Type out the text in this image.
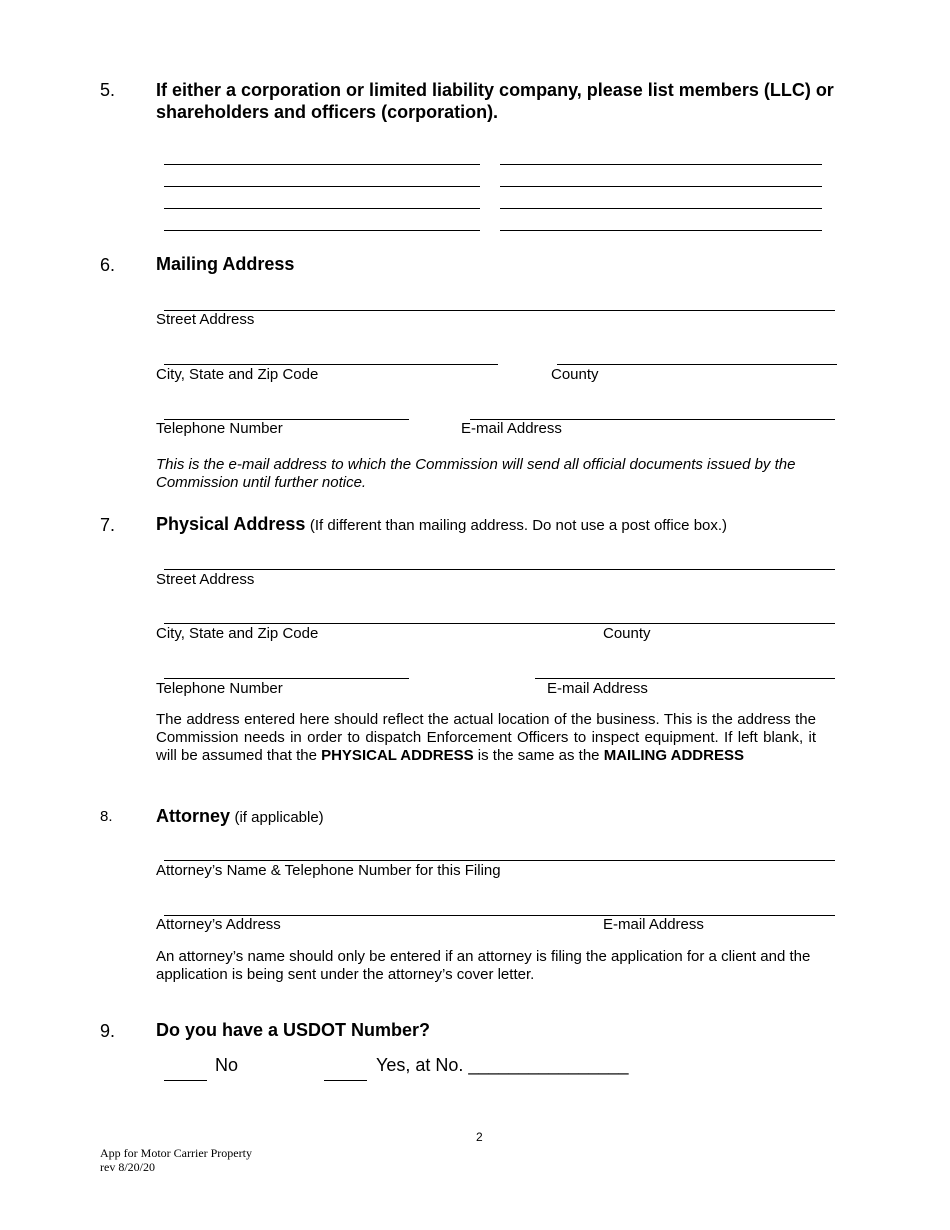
5. If either a corporation or limited liability company, please list members (LLC) or shareholders and officers (corporation).
6. Mailing Address
Street Address
City, State and Zip Code	County
Telephone Number	E-mail Address
This is the e-mail address to which the Commission will send all official documents issued by the Commission until further notice.
7. Physical Address (If different than mailing address. Do not use a post office box.)
Street Address
City, State and Zip Code	County
Telephone Number	E-mail Address
The address entered here should reflect the actual location of the business. This is the address the Commission needs in order to dispatch Enforcement Officers to inspect equipment. If left blank, it will be assumed that the PHYSICAL ADDRESS is the same as the MAILING ADDRESS
8. Attorney (if applicable)
Attorney’s Name & Telephone Number for this Filing
Attorney’s Address	E-mail Address
An attorney’s name should only be entered if an attorney is filing the application for a client and the application is being sent under the attorney’s cover letter.
9. Do you have a USDOT Number?
No	Yes, at No. ________________
2
App for Motor Carrier Property
rev 8/20/20
